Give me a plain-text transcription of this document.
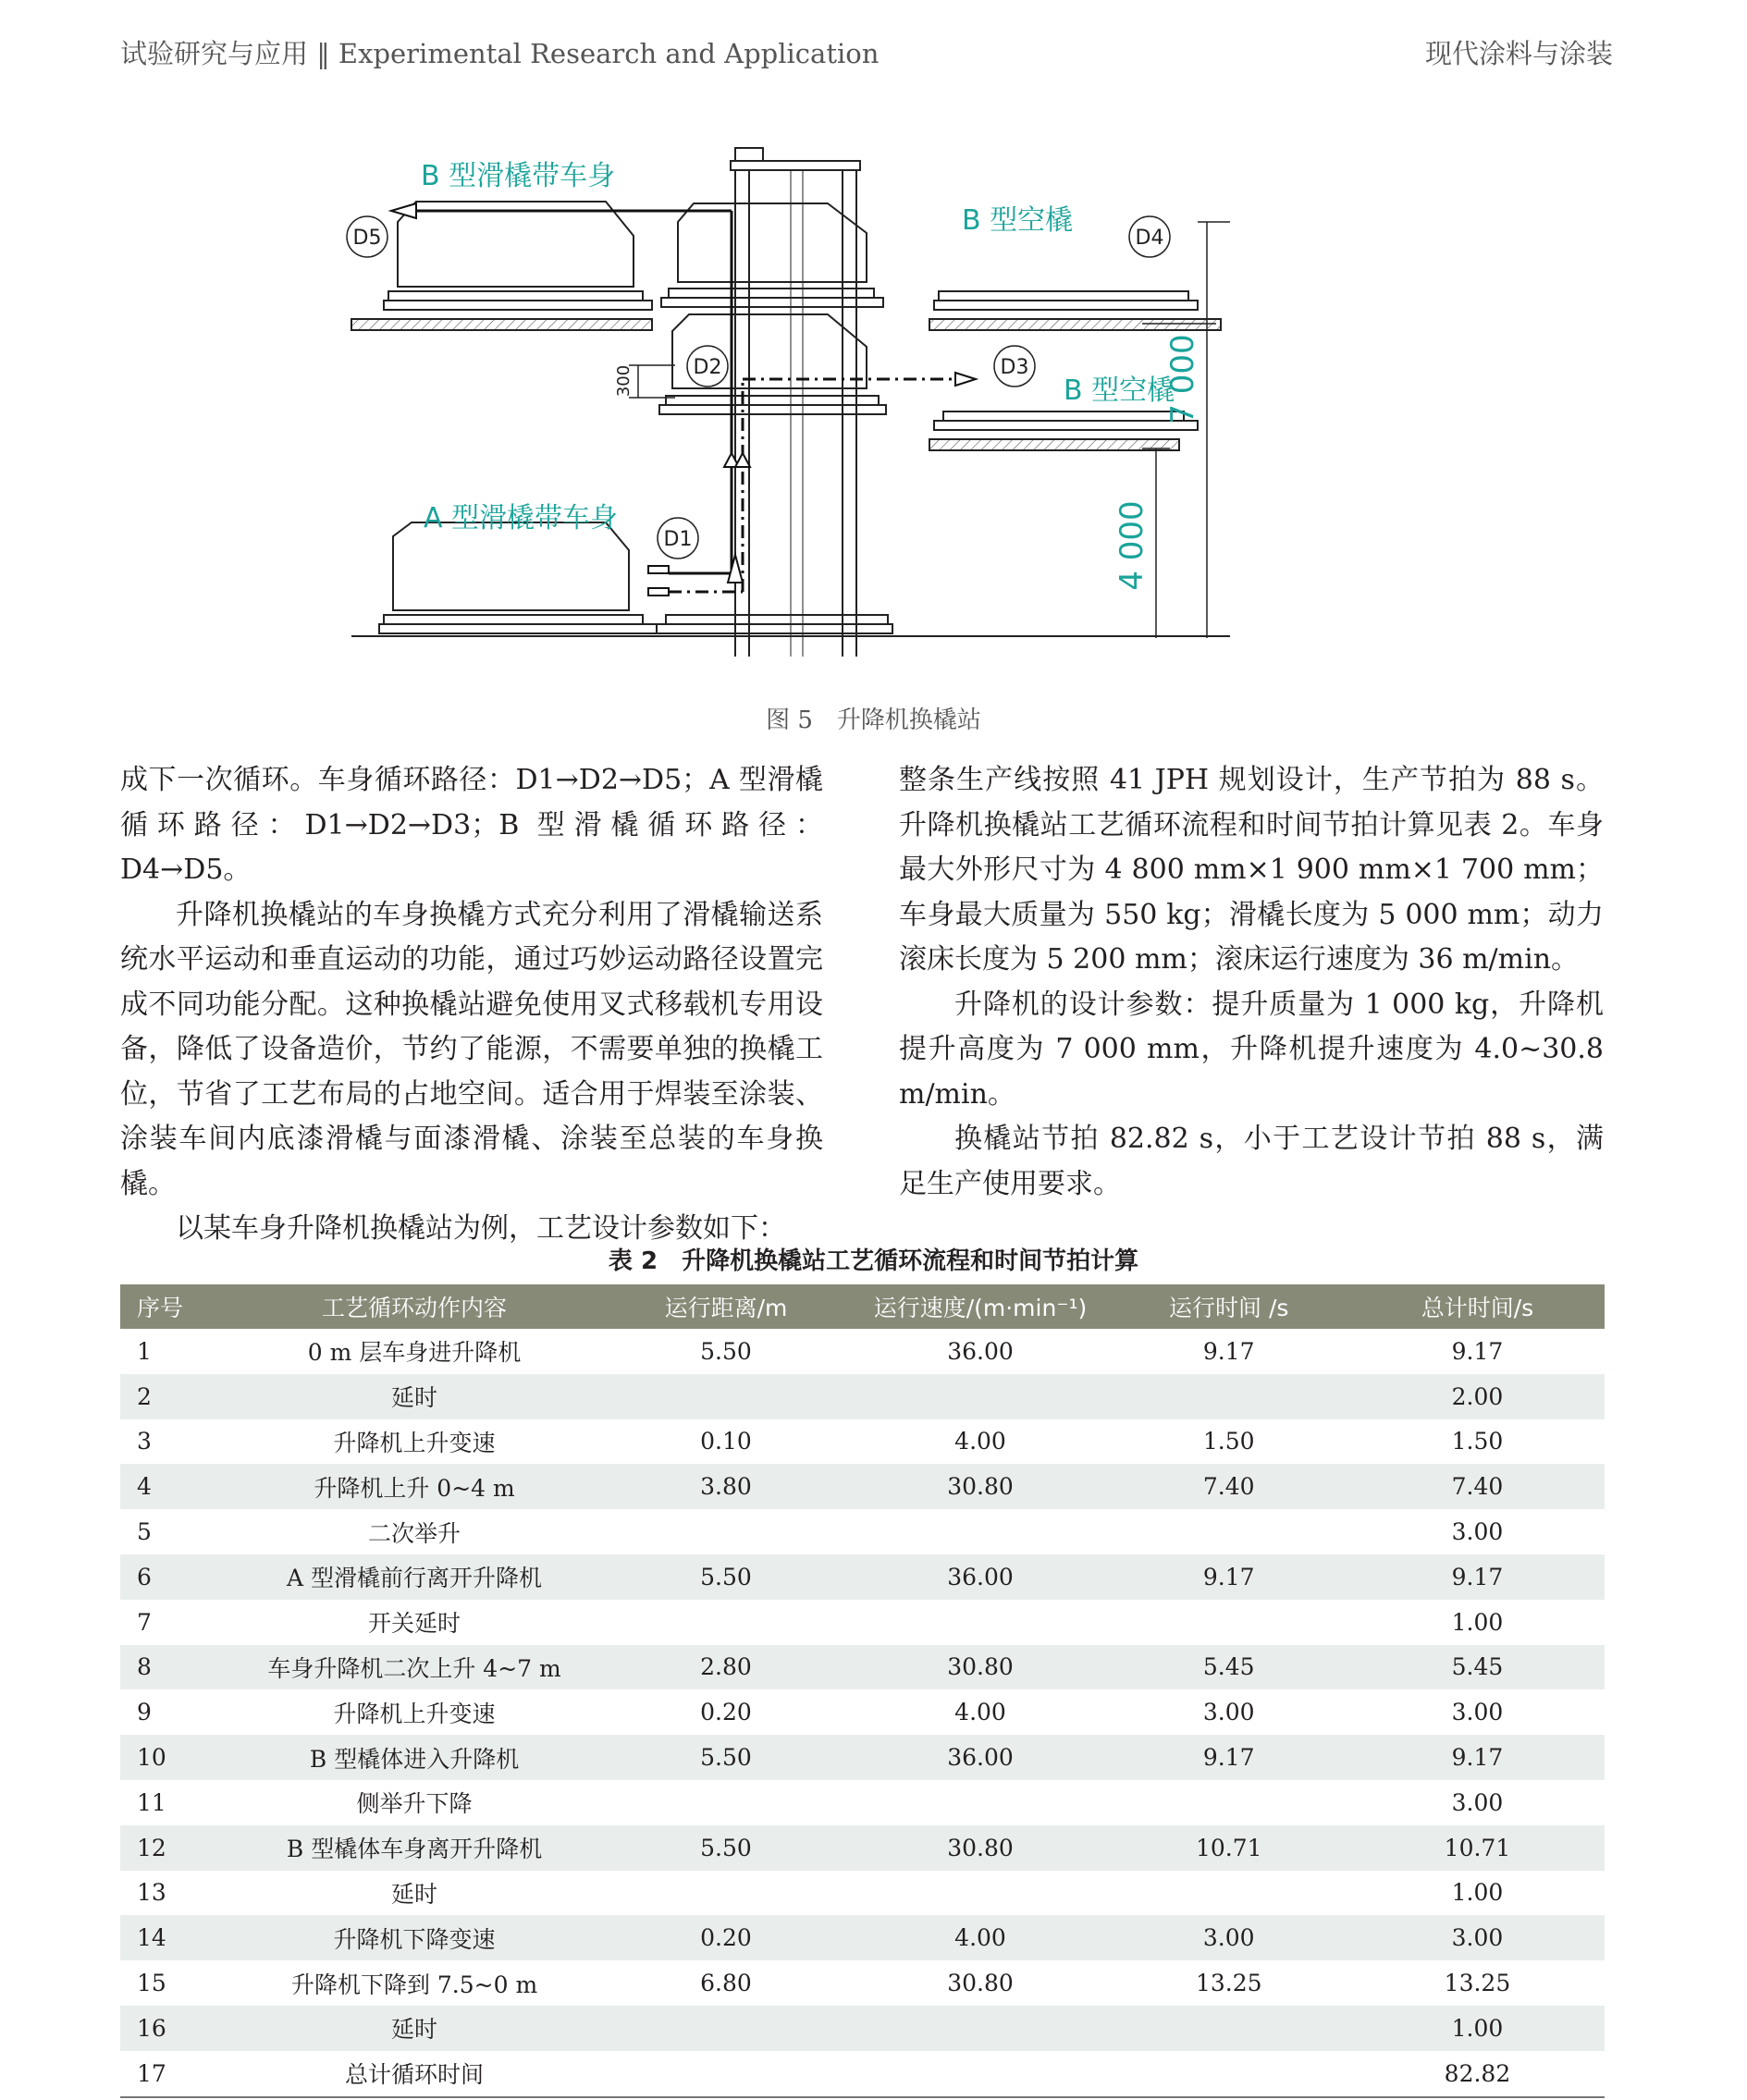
试验研究与应用 ‖ Experimental Research and Application	现代涂料与涂装
7 000
4 000
300
B 型滑橇带车身
B 型空橇
B 型空橇
A 型滑橇带车身
D5	D4
D2	D3
D1
图 5　升降机换橇站

成下一次循环。车身循环路径：D1→D2→D5；A 型滑橇循环路径：D1→D2→D3；B 型滑橇循环路径：D4→D5。

升降机换橇站的车身换橇方式充分利用了滑橇输送系统水平运动和垂直运动的功能，通过巧妙运动路径设置完成不同功能分配。这种换橇站避免使用叉式移载机专用设备，降低了设备造价，节约了能源，不需要单独的换橇工位，节省了工艺布局的占地空间。适合用于焊装至涂装、涂装车间内底漆滑橇与面漆滑橇、涂装至总装的车身换橇。

以某车身升降机换橇站为例，工艺设计参数如下：

整条生产线按照 41 JPH 规划设计，生产节拍为 88 s。升降机换橇站工艺循环流程和时间节拍计算见表 2。车身最大外形尺寸为 4 800 mm×1 900 mm×1 700 mm；车身最大质量为 550 kg；滑橇长度为 5 000 mm；动力滚床长度为 5 200 mm；滚床运行速度为 36 m/min。

升降机的设计参数：提升质量为 1 000 kg，升降机提升高度为 7 000 mm，升降机提升速度为 4.0~30.8 m/min。

换橇站节拍 82.82 s，小于工艺设计节拍 88 s，满足生产使用要求。

表 2　升降机换橇站工艺循环流程和时间节拍计算
序号	工艺循环动作内容	运行距离/m	运行速度/(m·min⁻¹)	运行时间 /s	总计时间/s
1	0 m 层车身进升降机	5.50	36.00	9.17	9.17
2	延时				2.00
3	升降机上升变速	0.10	4.00	1.50	1.50
4	升降机上升 0~4 m	3.80	30.80	7.40	7.40
5	二次举升				3.00
6	A 型滑橇前行离开升降机	5.50	36.00	9.17	9.17
7	开关延时				1.00
8	车身升降机二次上升 4~7 m	2.80	30.80	5.45	5.45
9	升降机上升变速	0.20	4.00	3.00	3.00
10	B 型橇体进入升降机	5.50	36.00	9.17	9.17
11	侧举升下降				3.00
12	B 型橇体车身离开升降机	5.50	30.80	10.71	10.71
13	延时				1.00
14	升降机下降变速	0.20	4.00	3.00	3.00
15	升降机下降到 7.5~0 m	6.80	30.80	13.25	13.25
16	延时				1.00
17	总计循环时间				82.82
